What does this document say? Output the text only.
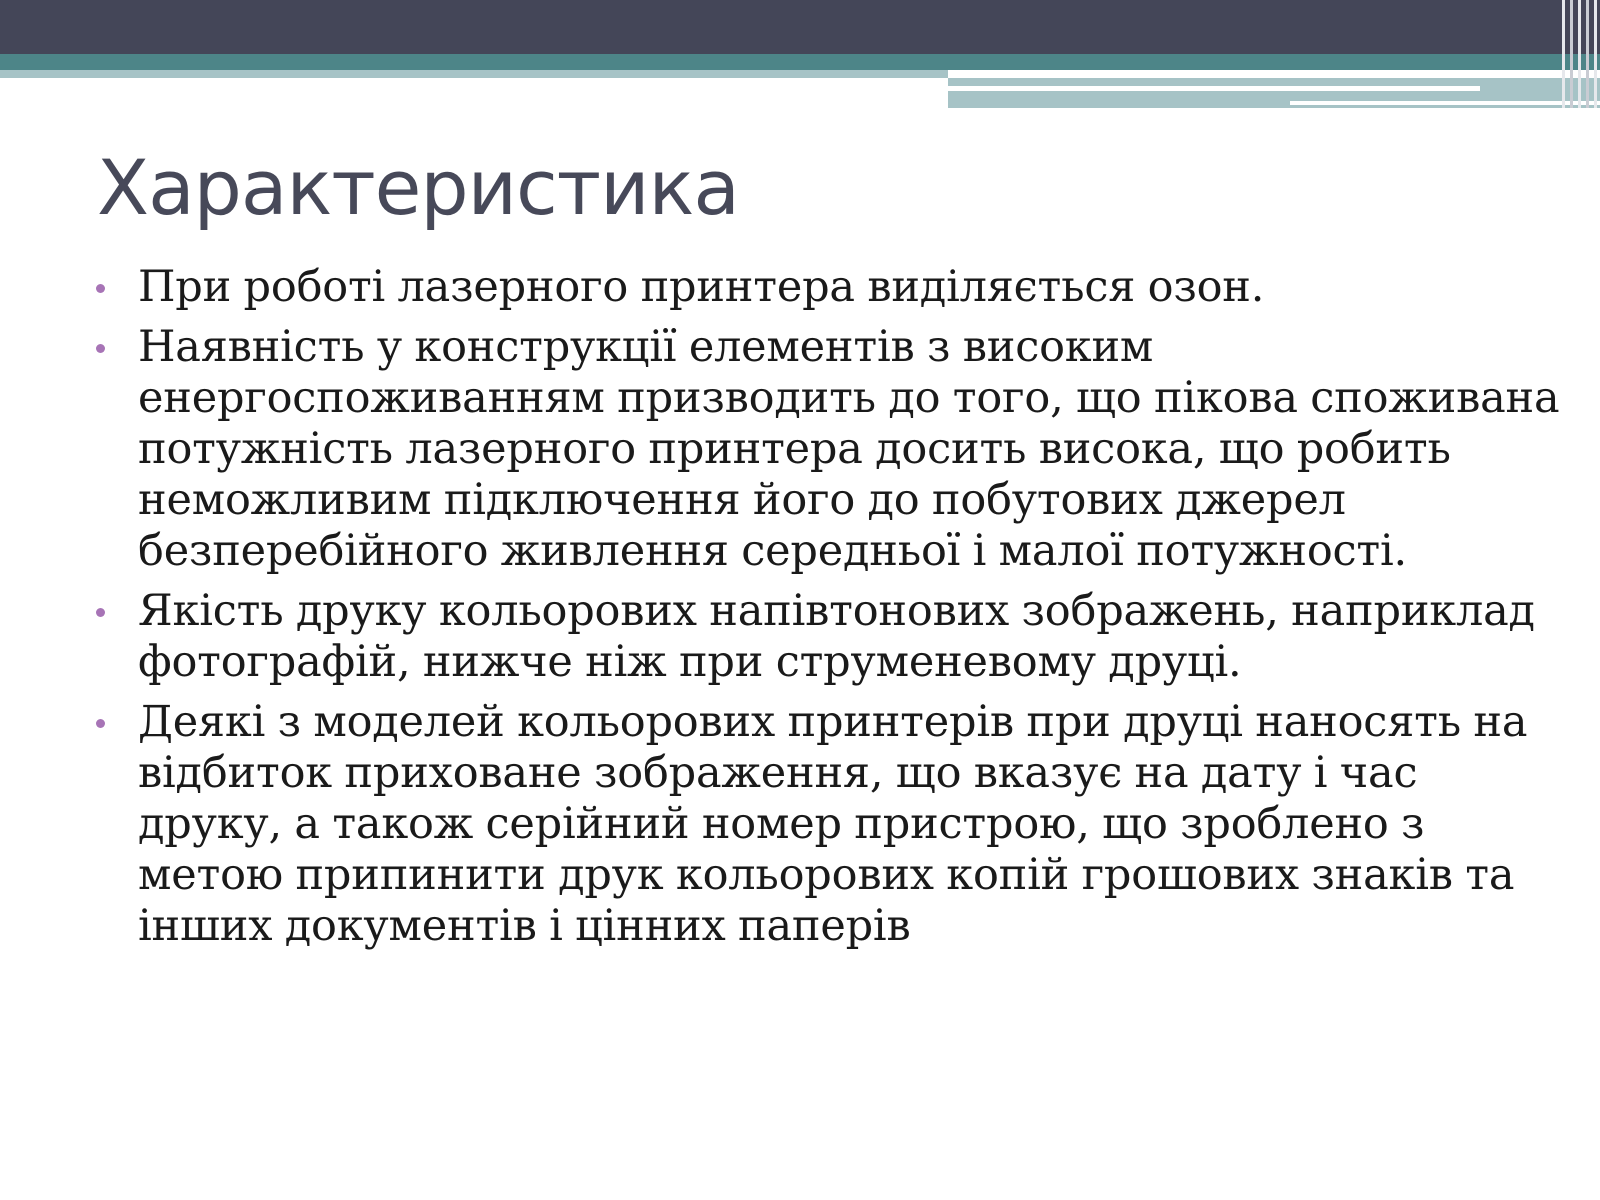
Характеристика
При роботі лазерного принтера виділяється озон.
Наявність у конструкції елементів з високим енергоспоживанням призводить до того, що пікова споживана потужність лазерного принтера досить висока, що робить неможливим підключення його до побутових джерел безперебійного живлення середньої і малої потужності.
Якість друку кольорових напівтонових зображень, наприклад фотографій, нижче ніж при струменевому друці.
Деякі з моделей кольорових принтерів при друці наносять на відбиток приховане зображення, що вказує на дату і час друку, а також серійний номер пристрою, що зроблено з метою припинити друк кольорових копій грошових знаків та інших документів і цінних паперів
